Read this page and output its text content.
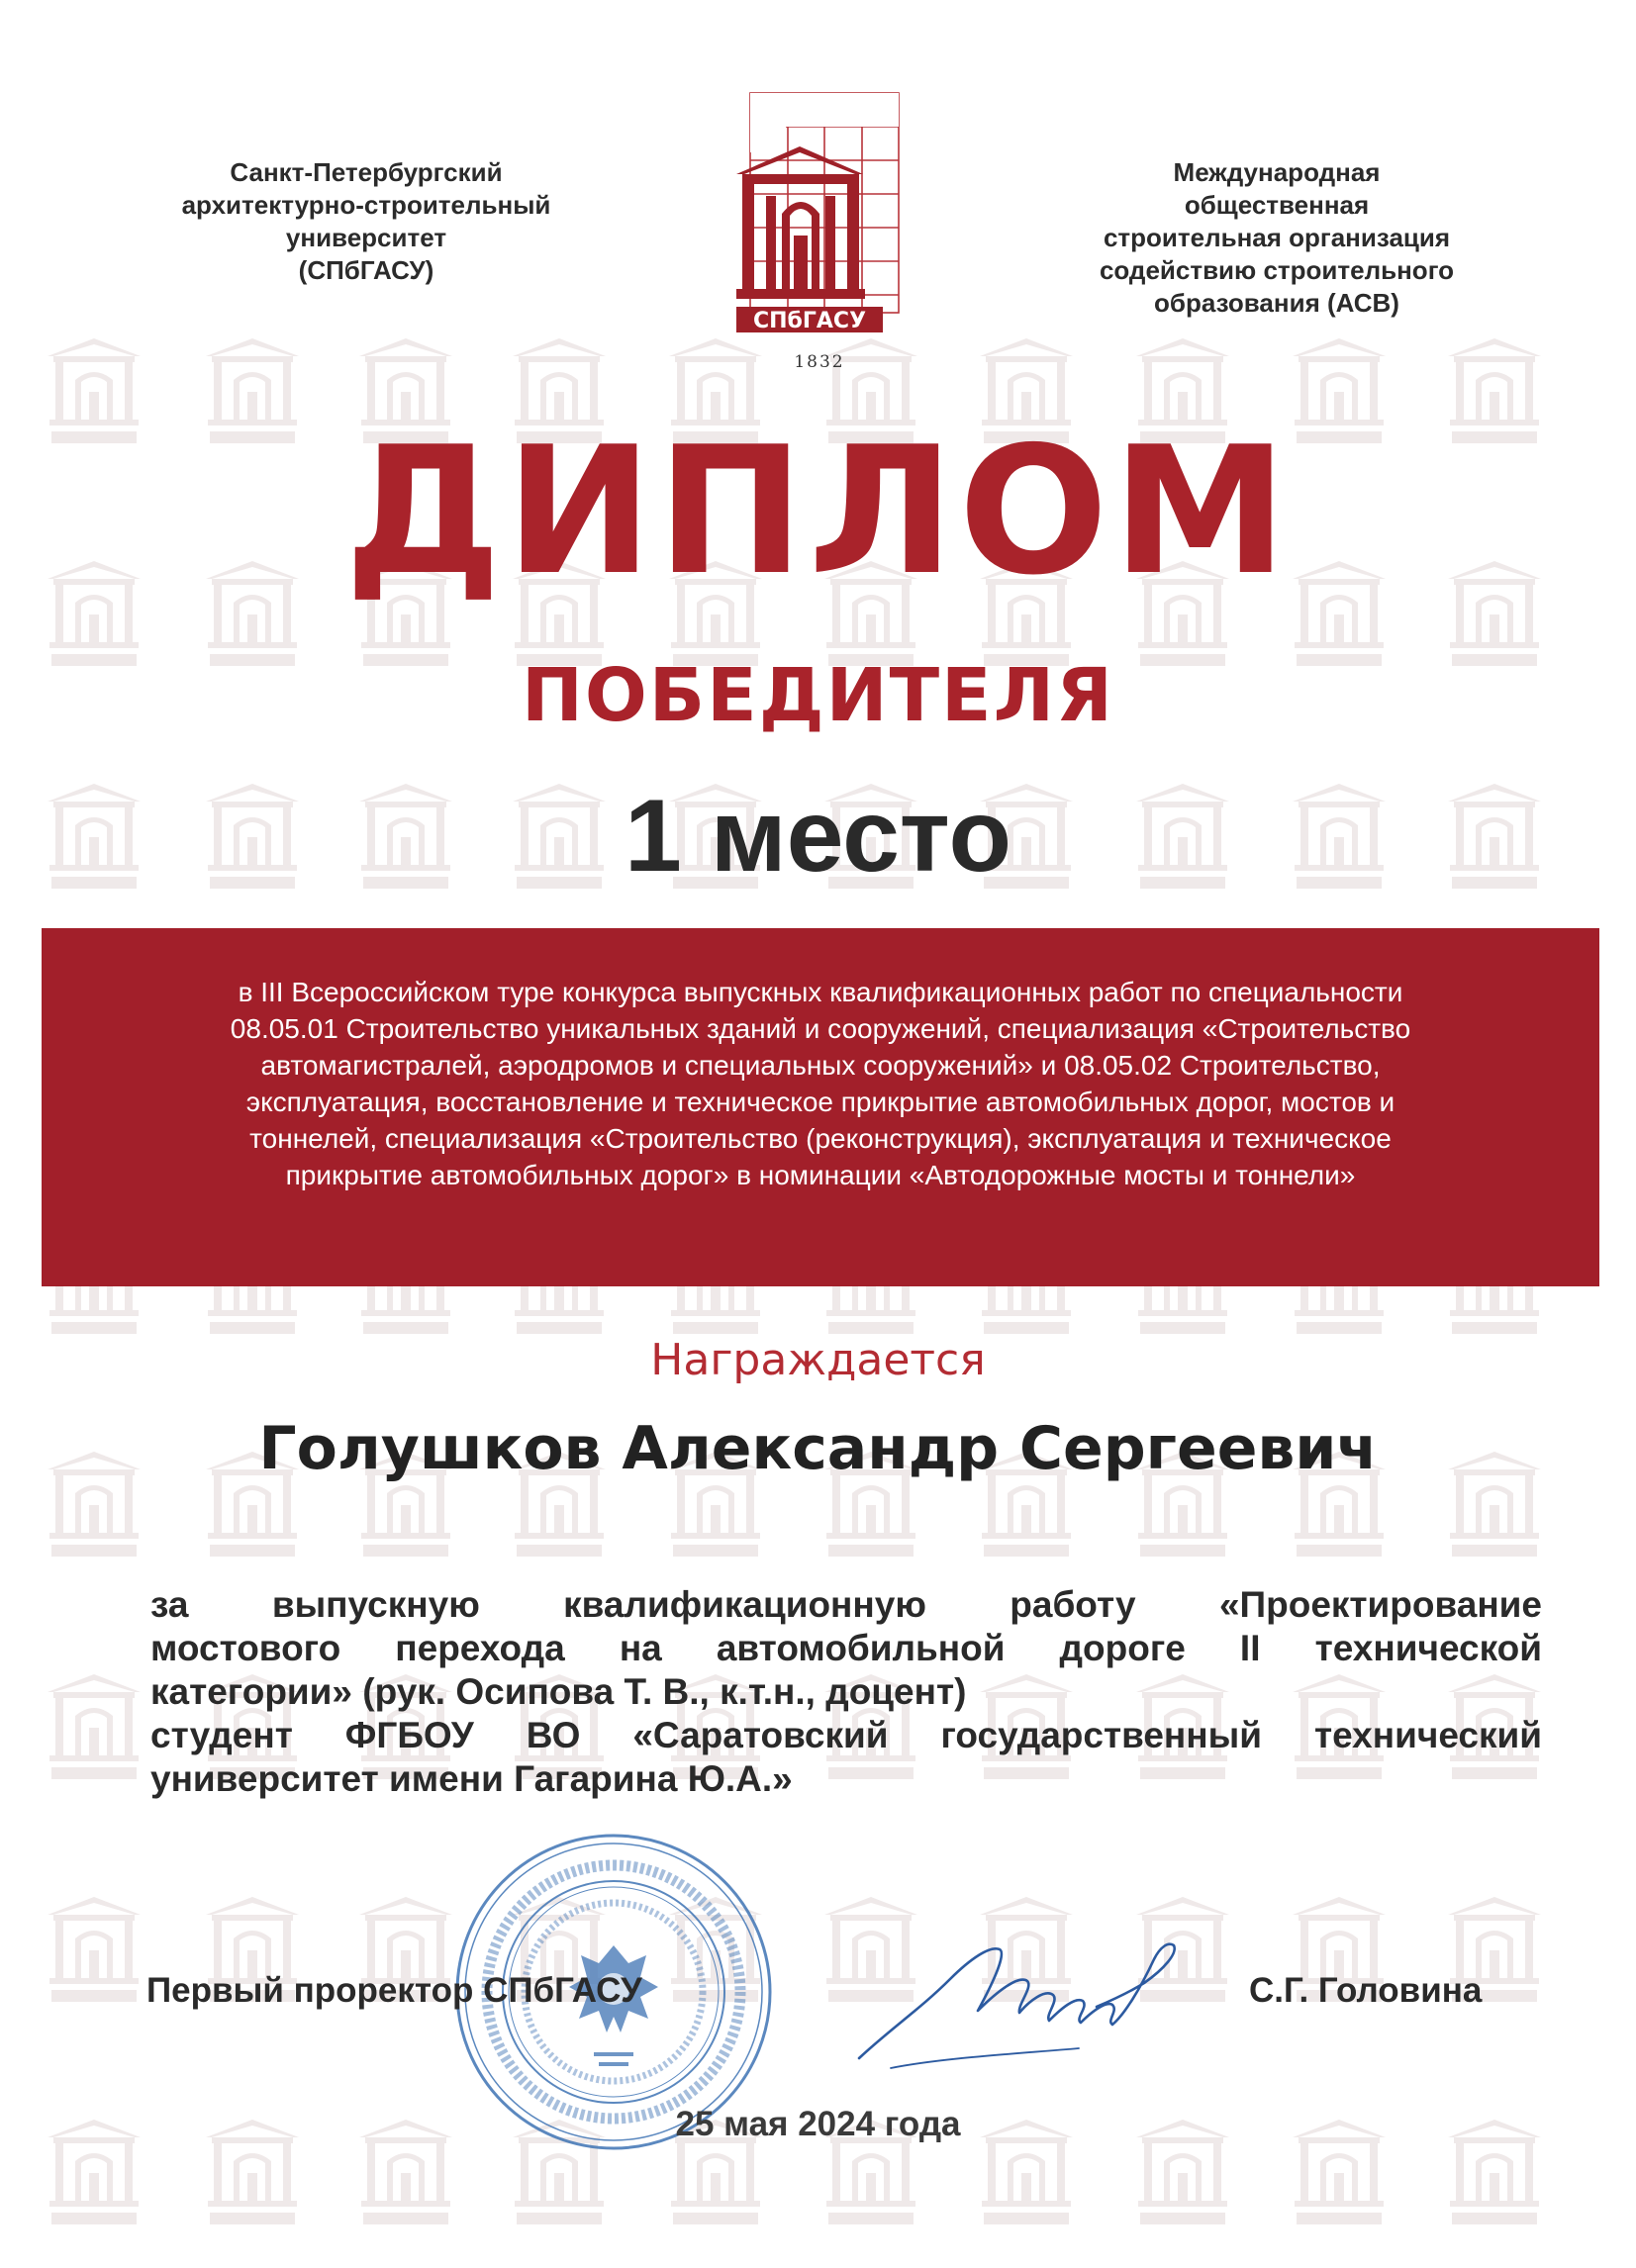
Санкт-Петербургский
архитектурно-строительный
университет
(СПбГАСУ)
СПбГАСУ
1832
Международная
общественная
строительная организация
содействию строительного
образования (АСВ)
ДИПЛОМ
ПОБЕДИТЕЛЯ
1 место
в III Всероссийском туре конкурса выпускных квалификационных работ по специальности
08.05.01 Строительство уникальных зданий и сооружений, специализация «Строительство
автомагистралей, аэродромов и специальных сооружений» и 08.05.02 Строительство,
эксплуатация, восстановление и техническое прикрытие автомобильных дорог, мостов и
тоннелей, специализация «Строительство (реконструкция), эксплуатация и техническое
прикрытие автомобильных дорог» в номинации «Автодорожные мосты и тоннели»
Награждается
Голушков Александр Сергеевич
за выпускную квалификационную работу «Проектирование
мостового перехода на автомобильной дороге II технической
категории» (рук. Осипова Т. В., к.т.н., доцент)
студент ФГБОУ ВО «Саратовский государственный технический
университет имени Гагарина Ю.А.»
Первый проректор СПбГАСУ	С.Г. Головина
25 мая 2024 года
